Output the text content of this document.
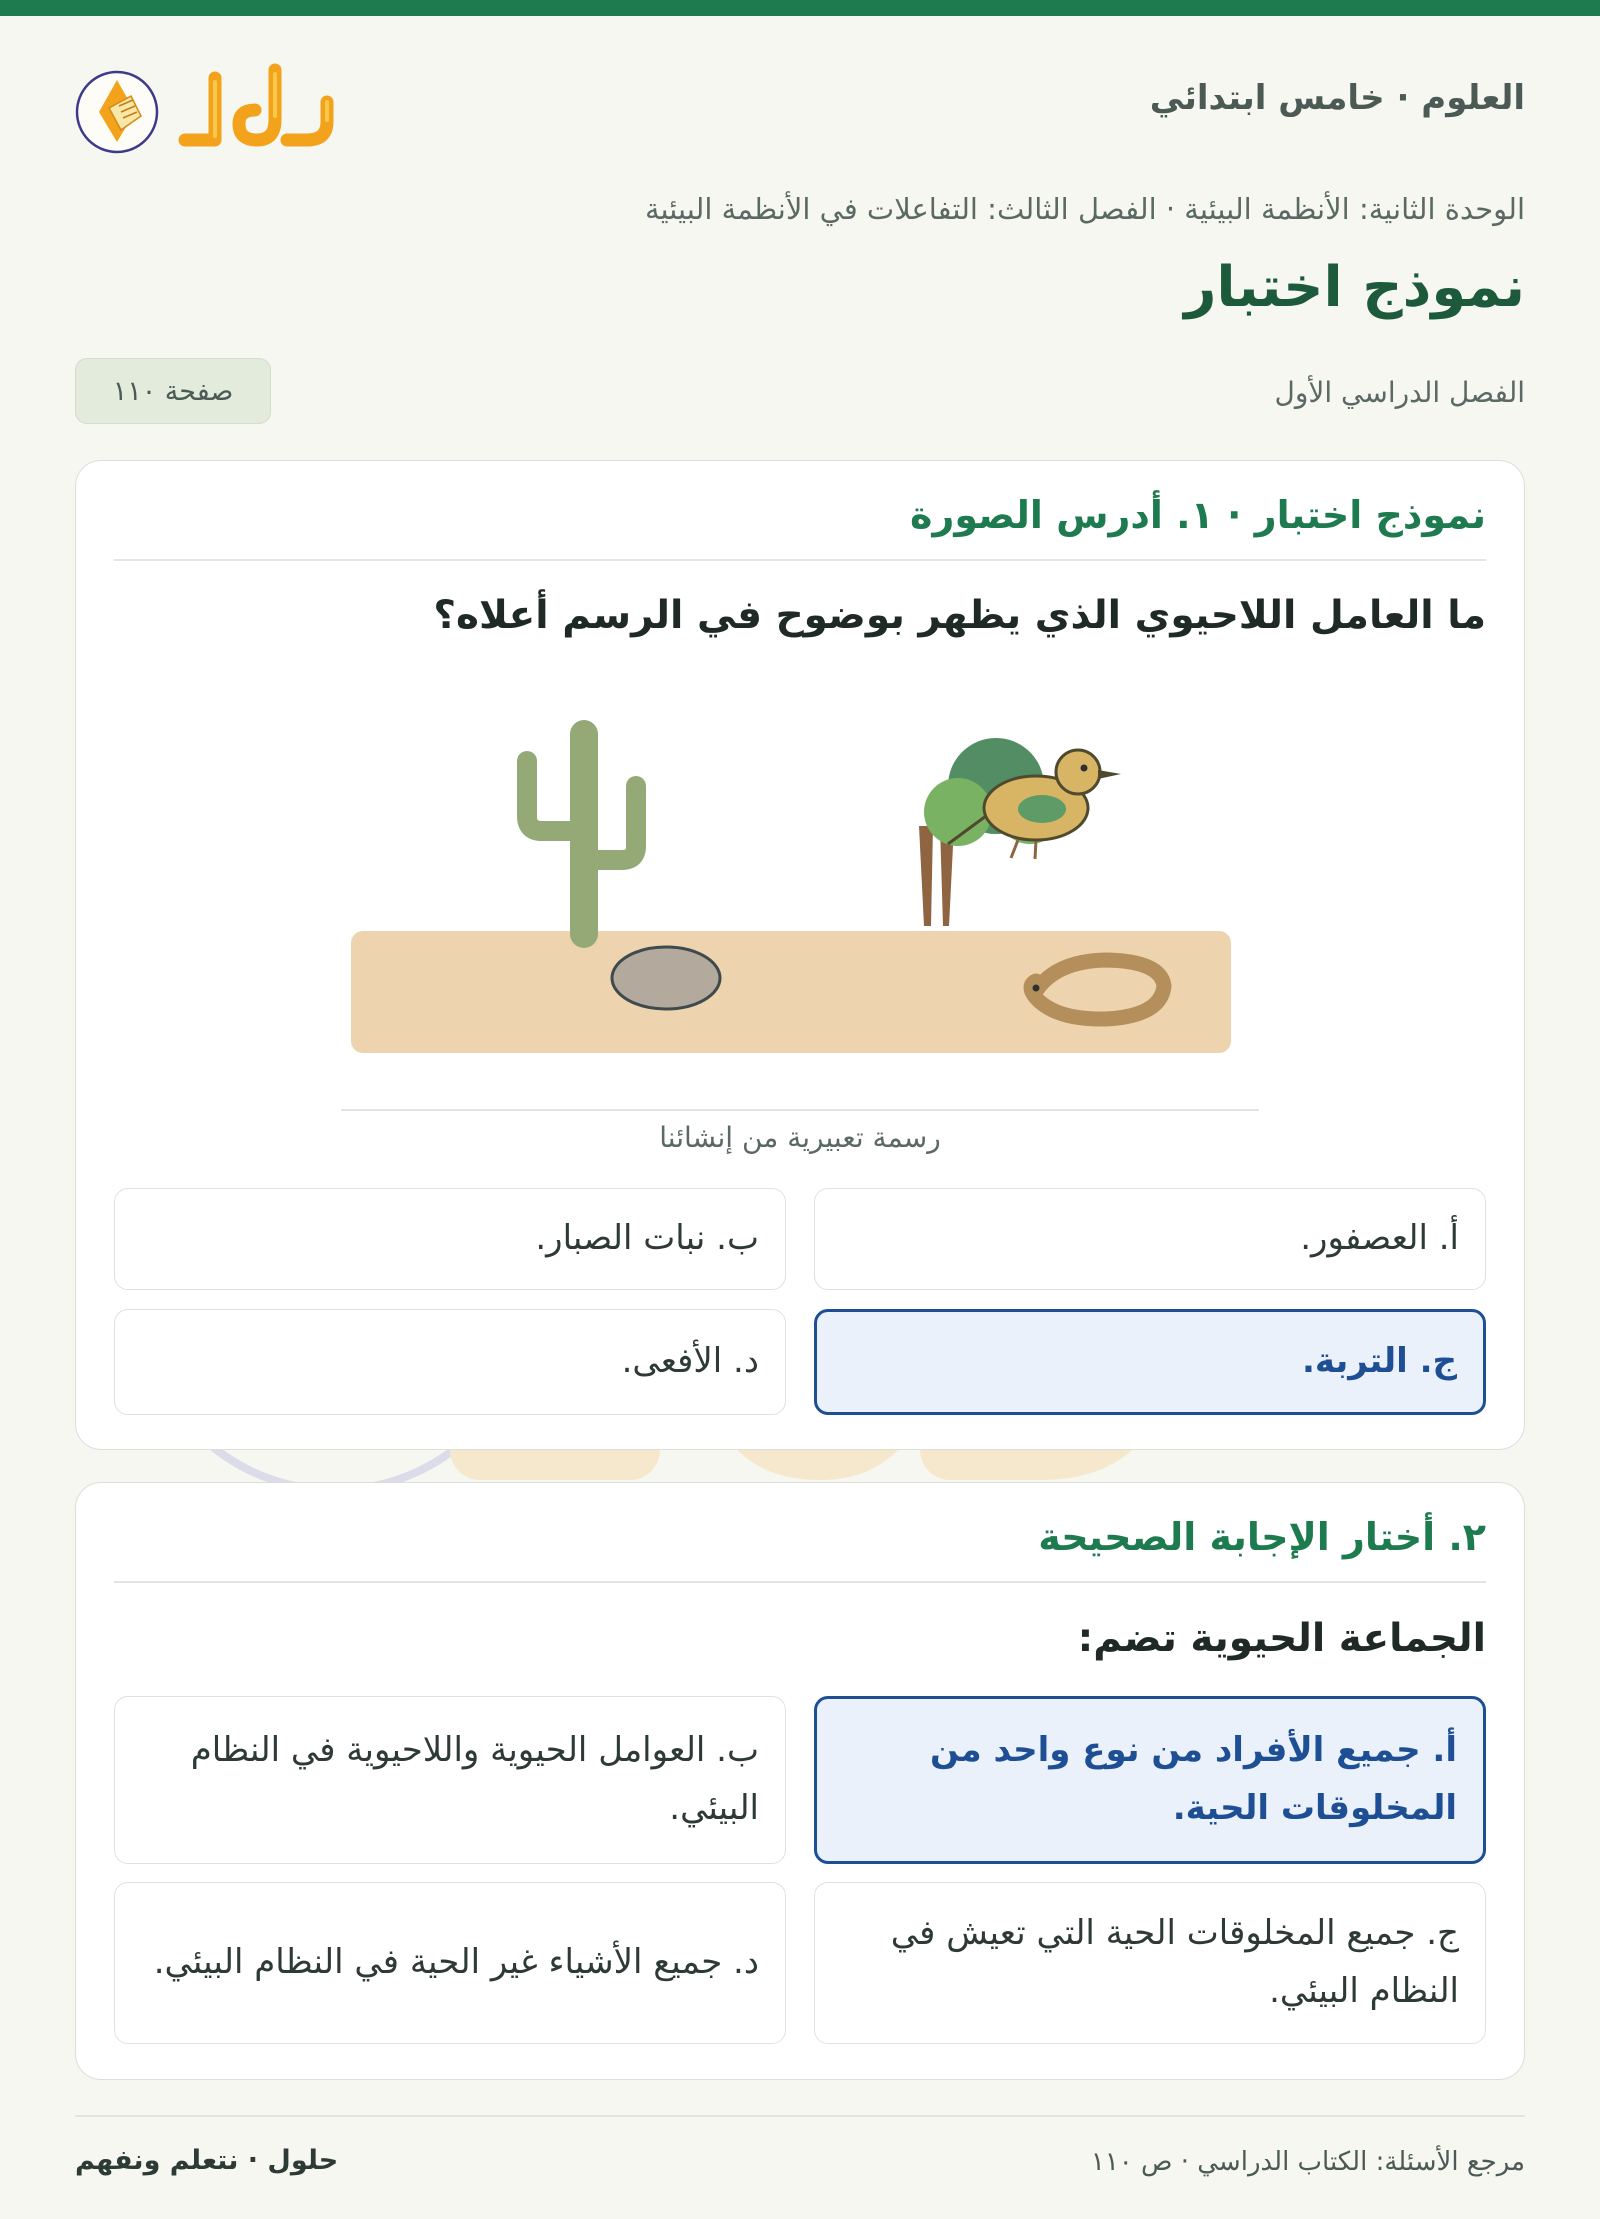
العلوم · خامس ابتدائي
الوحدة الثانية: الأنظمة البيئية · الفصل الثالث: التفاعلات في الأنظمة البيئية
نموذج اختبار
الفصل الدراسي الأول
صفحة ١١٠
نموذج اختبار · ١. أدرس الصورة
ما العامل اللاحيوي الذي يظهر بوضوح في الرسم أعلاه؟
رسمة تعبيرية من إنشائنا
أ. العصفور.
ب. نبات الصبار.
ج. التربة.
د. الأفعى.
٢. أختار الإجابة الصحيحة
الجماعة الحيوية تضم:
أ. جميع الأفراد من نوع واحد من المخلوقات الحية.
ب. العوامل الحيوية واللاحيوية في النظام البيئي.
ج. جميع المخلوقات الحية التي تعيش في النظام البيئي.
د. جميع الأشياء غير الحية في النظام البيئي.
مرجع الأسئلة: الكتاب الدراسي · ص ١١٠
حلول · نتعلم ونفهم
